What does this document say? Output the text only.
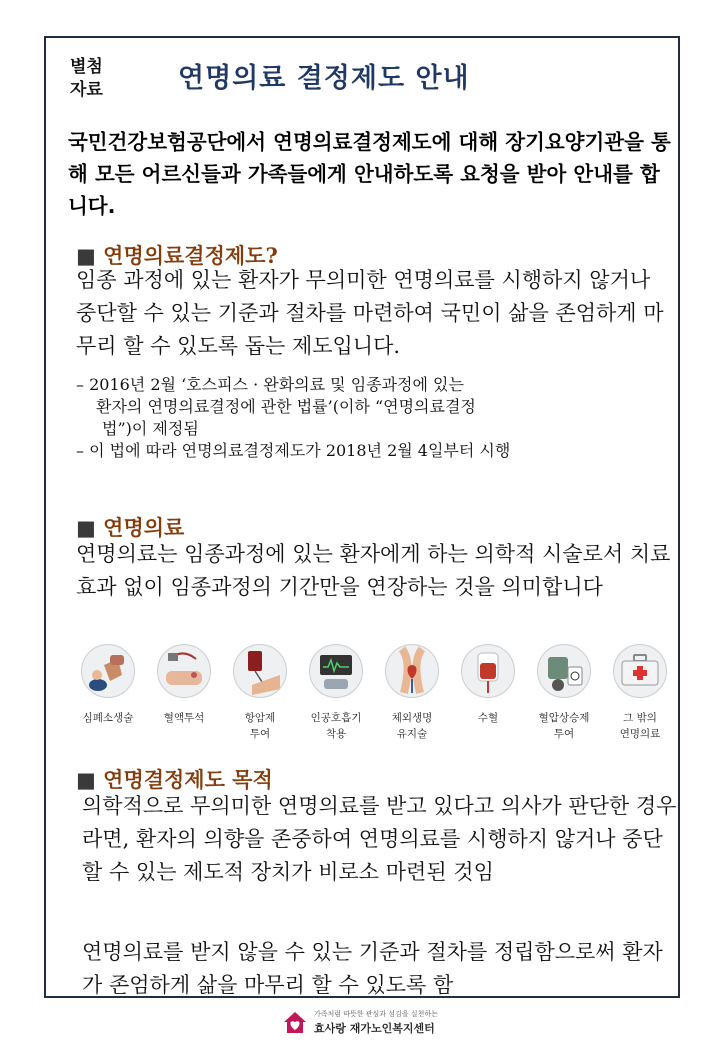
별첨
자료	연명의료 결정제도 안내
국민건강보험공단에서 연명의료결정제도에 대해 장기요양기관을 통해 모든 어르신들과 가족들에게 안내하도록 요청을 받아 안내를 합니다.
■ 연명의료결정제도?
임종 과정에 있는 환자가 무의미한 연명의료를 시행하지 않거나 중단할 수 있는 기준과 절차를 마련하여 국민이 삶을 존엄하게 마무리 할 수 있도록 돕는 제도입니다.
– 2016년 2월 ‘호스피스 · 완화의료 및 임종과정에 있는
환자의 연명의료결정에 관한 법률’(이하 “연명의료결정
법”)이 제정됨
– 이 법에 따라 연명의료결정제도가 2018년 2월 4일부터 시행
■ 연명의료
연명의료는 임종과정에 있는 환자에게 하는 의학적 시술로서 치료효과 없이 임종과정의 기간만을 연장하는 것을 의미합니다
심폐소생술	혈액투석	항암제
투여
인공호흡기
착용
체외생명
유지술
수혈	혈압상승제
투여
그 밖의
연명의료
■ 연명결정제도 목적
의학적으로 무의미한 연명의료를 받고 있다고 의사가 판단한 경우라면, 환자의 의향을 존중하여 연명의료를 시행하지 않거나 중단할 수 있는 제도적 장치가 비로소 마련된 것임
연명의료를 받지 않을 수 있는 기준과 절차를 정립함으로써 환자가 존엄하게 삶을 마무리 할 수 있도록 함
가족처럼 따뜻한 관심과 섬김을 실천하는
효사랑 재가노인복지센터
